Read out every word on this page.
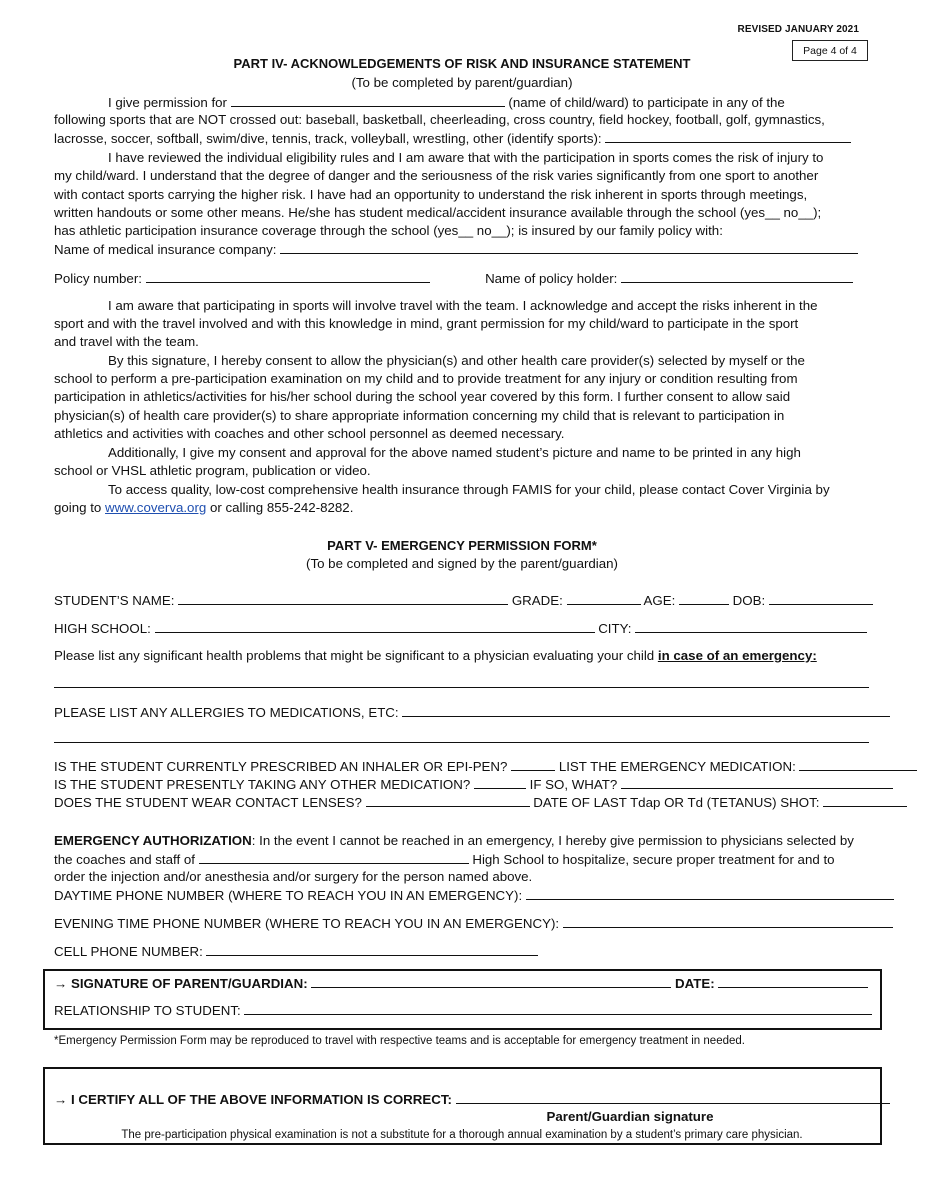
REVISED JANUARY 2021
Page 4 of 4
PART IV- ACKNOWLEDGEMENTS OF RISK AND INSURANCE STATEMENT
(To be completed by parent/guardian)
I give permission for	(name of child/ward) to participate in any of the
following sports that are NOT crossed out: baseball, basketball, cheerleading, cross country, field hockey, football, golf, gymnastics,
lacrosse, soccer, softball, swim/dive, tennis, track, volleyball, wrestling, other (identify sports):
I have reviewed the individual eligibility rules and I am aware that with the participation in sports comes the risk of injury to
my child/ward. I understand that the degree of danger and the seriousness of the risk varies significantly from one sport to another
with contact sports carrying the higher risk. I have had an opportunity to understand the risk inherent in sports through meetings,
written handouts or some other means. He/she has student medical/accident insurance available through the school (yes__ no__);
has athletic participation insurance coverage through the school (yes__ no__); is insured by our family policy with:
Name of medical insurance company:
Policy number:	Name of policy holder:
I am aware that participating in sports will involve travel with the team. I acknowledge and accept the risks inherent in the
sport and with the travel involved and with this knowledge in mind, grant permission for my child/ward to participate in the sport
and travel with the team.
By this signature, I hereby consent to allow the physician(s) and other health care provider(s) selected by myself or the
school to perform a pre-participation examination on my child and to provide treatment for any injury or condition resulting from
participation in athletics/activities for his/her school during the school year covered by this form. I further consent to allow said
physician(s) of health care provider(s) to share appropriate information concerning my child that is relevant to participation in
athletics and activities with coaches and other school personnel as deemed necessary.
Additionally, I give my consent and approval for the above named student’s picture and name to be printed in any high
school or VHSL athletic program, publication or video.
To access quality, low-cost comprehensive health insurance through FAMIS for your child, please contact Cover Virginia by
going to www.coverva.org or calling 855-242-8282.
PART V- EMERGENCY PERMISSION FORM*
(To be completed and signed by the parent/guardian)
STUDENT’S NAME:	GRADE:	AGE:	DOB:
HIGH SCHOOL:	CITY:
Please list any significant health problems that might be significant to a physician evaluating your child in case of an emergency:
PLEASE LIST ANY ALLERGIES TO MEDICATIONS, ETC:
IS THE STUDENT CURRENTLY PRESCRIBED AN INHALER OR EPI-PEN?	LIST THE EMERGENCY MEDICATION:
IS THE STUDENT PRESENTLY TAKING ANY OTHER MEDICATION?	IF SO, WHAT?
DOES THE STUDENT WEAR CONTACT LENSES?	DATE OF LAST Tdap OR Td (TETANUS) SHOT:
EMERGENCY AUTHORIZATION: In the event I cannot be reached in an emergency, I hereby give permission to physicians selected by
the coaches and staff of	High School to hospitalize, secure proper treatment for and to
order the injection and/or anesthesia and/or surgery for the person named above.
DAYTIME PHONE NUMBER (WHERE TO REACH YOU IN AN EMERGENCY):
EVENING TIME PHONE NUMBER (WHERE TO REACH YOU IN AN EMERGENCY):
CELL PHONE NUMBER:
→ SIGNATURE OF PARENT/GUARDIAN:	DATE:
RELATIONSHIP TO STUDENT:
*Emergency Permission Form may be reproduced to travel with respective teams and is acceptable for emergency treatment in needed.
→ I CERTIFY ALL OF THE ABOVE INFORMATION IS CORRECT:
Parent/Guardian signature
The pre-participation physical examination is not a substitute for a thorough annual examination by a student’s primary care physician.
